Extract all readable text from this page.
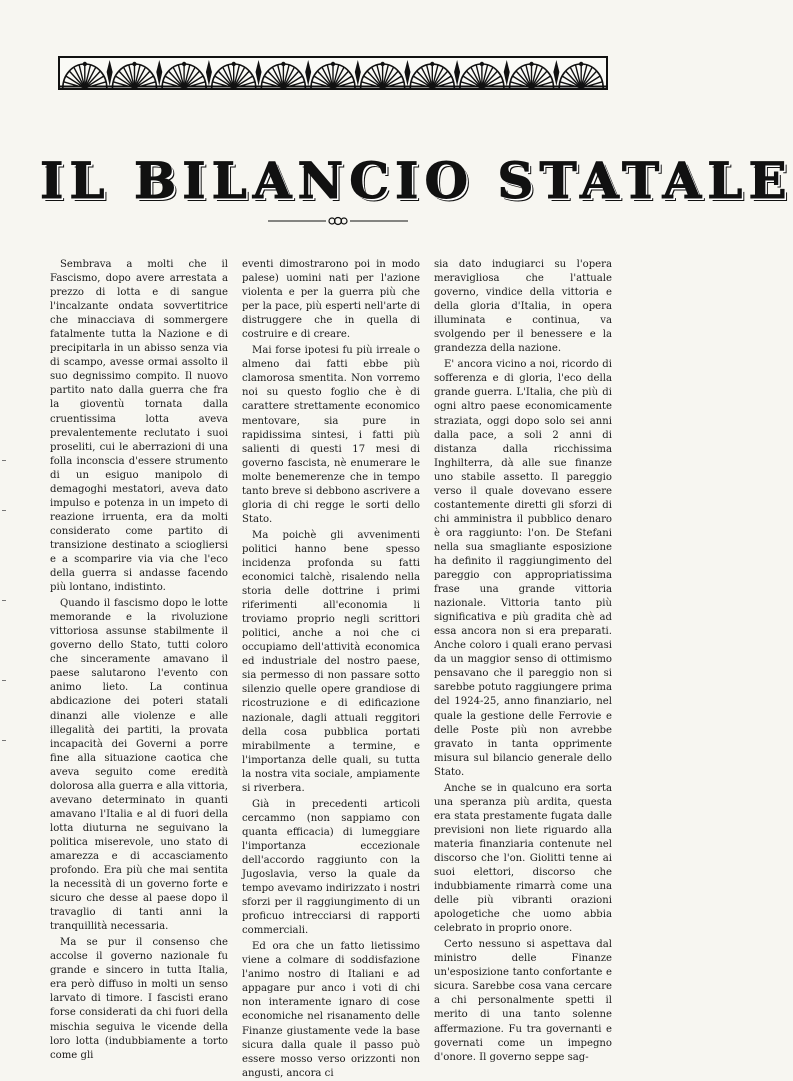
IL BILANCIO STATALE

Sembrava a molti che il Fascismo, dopo avere arrestata a prezzo di lotta e di sangue l'incalzante ondata sovvertitrice che minacciava di sommergere fatalmente tutta la Nazione e di precipitarla in un abisso senza via di scampo, avesse ormai assolto il suo degnissimo compito. Il nuovo partito nato dalla guerra che fra la gioventù tornata dalla cruentissima lotta aveva prevalentemente reclutato i suoi proseliti, cui le aberrazioni di una folla inconscia d'essere strumento di un esiguo manipolo di demagoghi mestatori, aveva dato impulso e potenza in un impeto di reazione irruenta, era da molti considerato come partito di transizione destinato a sciogliersi e a scomparire via via che l'eco della guerra si andasse facendo più lontano, indistinto.

Quando il fascismo dopo le lotte memorande e la rivoluzione vittoriosa assunse stabilmente il governo dello Stato, tutti coloro che sinceramente amavano il paese salutarono l'evento con animo lieto. La continua abdicazione dei poteri statali dinanzi alle violenze e alle illegalità dei partiti, la provata incapacità dei Governi a porre fine alla situazione caotica che aveva seguito come eredità dolorosa alla guerra e alla vittoria, avevano determinato in quanti amavano l'Italia e al di fuori della lotta diuturna ne seguivano la politica miserevole, uno stato di amarezza e di accasciamento profondo. Era più che mai sentita la necessità di un governo forte e sicuro che desse al paese dopo il travaglio di tanti anni la tranquillità necessaria.

Ma se pur il consenso che accolse il governo nazionale fu grande e sincero in tutta Italia, era però diffuso in molti un senso larvato di timore. I fascisti erano forse considerati da chi fuori della mischia seguiva le vicende della loro lotta (indubbiamente a torto come gli

eventi dimostrarono poi in modo palese) uomini nati per l'azione violenta e per la guerra più che per la pace, più esperti nell'arte di distruggere che in quella di costruire e di creare.

Mai forse ipotesi fu più irreale o almeno dai fatti ebbe più clamorosa smentita. Non vorremo noi su questo foglio che è di carattere strettamente economico mentovare, sia pure in rapidissima sintesi, i fatti più salienti di questi 17 mesi di governo fascista, nè enumerare le molte benemerenze che in tempo tanto breve si debbono ascrivere a gloria di chi regge le sorti dello Stato.

Ma poichè gli avvenimenti politici hanno bene spesso incidenza profonda su fatti economici talchè, risalendo nella storia delle dottrine i primi riferimenti all'economia li troviamo proprio negli scrittori politici, anche a noi che ci occupiamo dell'attività economica ed industriale del nostro paese, sia permesso di non passare sotto silenzio quelle opere grandiose di ricostruzione e di edificazione nazionale, dagli attuali reggitori della cosa pubblica portati mirabilmente a termine, e l'importanza delle quali, su tutta la nostra vita sociale, ampiamente si riverbera.

Già in precedenti articoli cercammo (non sappiamo con quanta efficacia) di lumeggiare l'importanza eccezionale dell'accordo raggiunto con la Jugoslavia, verso la quale da tempo avevamo indirizzato i nostri sforzi per il raggiungimento di un proficuo intrecciarsi di rapporti commerciali.

Ed ora che un fatto lietissimo viene a colmare di soddisfazione l'animo nostro di Italiani e ad appagare pur anco i voti di chi non interamente ignaro di cose economiche nel risanamento delle Finanze giustamente vede la base sicura dalla quale il passo può essere mosso verso orizzonti non angusti, ancora ci

sia dato indugiarci su l'opera meravigliosa che l'attuale governo, vindice della vittoria e della gloria d'Italia, in opera illuminata e continua, va svolgendo per il benessere e la grandezza della nazione.

E' ancora vicino a noi, ricordo di sofferenza e di gloria, l'eco della grande guerra. L'Italia, che più di ogni altro paese economicamente straziata, oggi dopo solo sei anni dalla pace, a soli 2 anni di distanza dalla ricchissima Inghilterra, dà alle sue finanze uno stabile assetto. Il pareggio verso il quale dovevano essere costantemente diretti gli sforzi di chi amministra il pubblico denaro è ora raggiunto: l'on. De Stefani nella sua smagliante esposizione ha definito il raggiungimento del pareggio con appropriatissima frase una grande vittoria nazionale. Vittoria tanto più significativa e più gradita chè ad essa ancora non si era preparati. Anche coloro i quali erano pervasi da un maggior senso di ottimismo pensavano che il pareggio non si sarebbe potuto raggiungere prima del 1924-25, anno finanziario, nel quale la gestione delle Ferrovie e delle Poste più non avrebbe gravato in tanta opprimente misura sul bilancio generale dello Stato.

Anche se in qualcuno era sorta una speranza più ardita, questa era stata prestamente fugata dalle previsioni non liete riguardo alla materia finanziaria contenute nel discorso che l'on. Giolitti tenne ai suoi elettori, discorso che indubbiamente rimarrà come una delle più vibranti orazioni apologetiche che uomo abbia celebrato in proprio onore.

Certo nessuno si aspettava dal ministro delle Finanze un'esposizione tanto confortante e sicura. Sarebbe cosa vana cercare a chi personalmente spetti il merito di una tanto solenne affermazione. Fu tra governanti e governati come un impegno d'onore. Il governo seppe sag-
